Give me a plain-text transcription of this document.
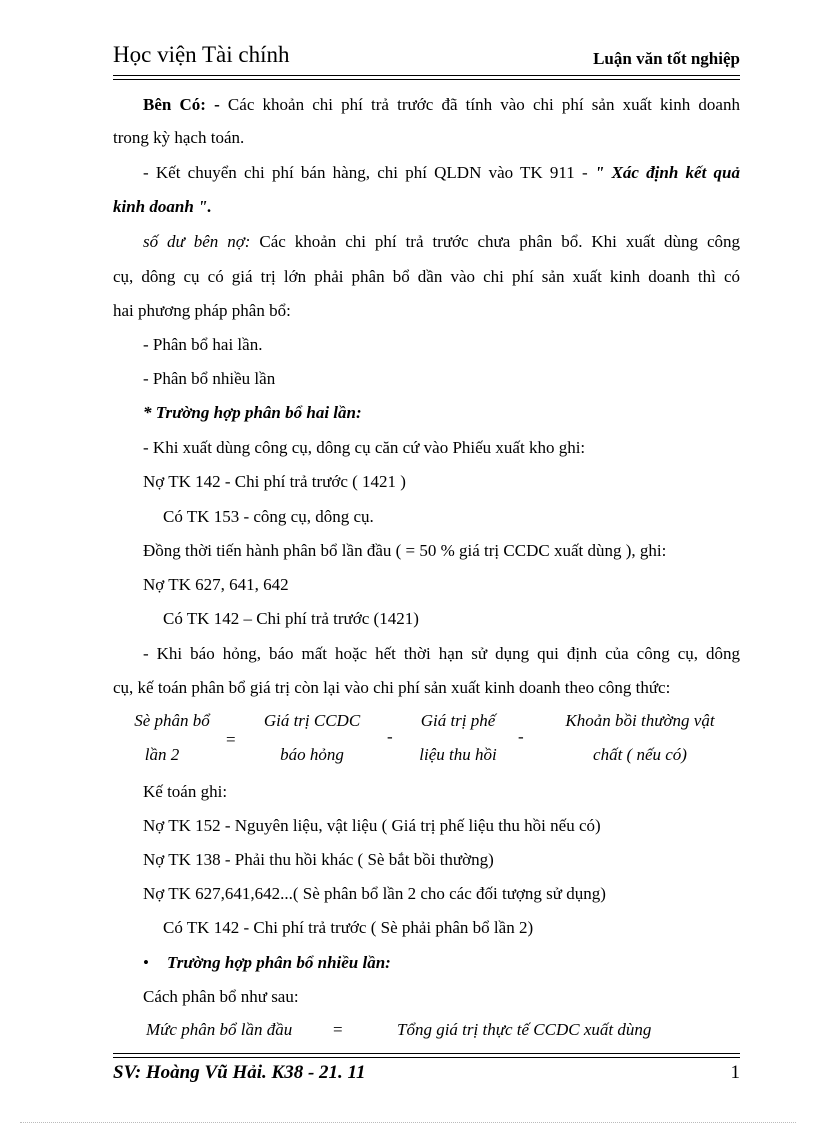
Học viện Tài chính	Luận văn tốt nghiệp
Bên Có: - Các khoản chi phí trả trước đã tính vào chi phí sản xuất kinh doanh
trong kỳ hạch toán.
- Kết chuyển chi phí bán hàng, chi phí QLDN vào TK 911 - " Xác định kết quả
kinh doanh ".
số dư bên nợ: Các khoản chi phí trả trước chưa phân bổ. Khi xuất dùng công
cụ, dông cụ có giá trị lớn phải phân bổ dần vào chi phí sản xuất kinh doanh thì có
hai phương pháp phân bổ:
- Phân bổ hai lần.
- Phân bổ nhiều lần
* Trường hợp phân bổ hai lần:
- Khi xuất dùng công cụ, dông cụ căn cứ vào Phiếu xuất kho ghi:
Nợ TK 142 - Chi phí trả trước ( 1421 )
Có TK 153 - công cụ, dông cụ.
Đồng thời tiến hành phân bổ lần đầu ( = 50 % giá trị CCDC xuất dùng ), ghi:
Nợ TK 627, 641, 642
Có TK 142 – Chi phí trả trước (1421)
- Khi báo hỏng, báo mất hoặc hết thời hạn sử dụng qui định của công cụ, dông
cụ, kế toán phân bổ giá trị còn lại vào chi phí sản xuất kinh doanh theo công thức:
Sè phân bổ
lần 2
=
Giá trị CCDC
báo hỏng
-
Giá trị phế
liệu thu hồi
-
Khoản bồi thường vật
chất ( nếu có)
Kế toán ghi:
Nợ TK 152 - Nguyên liệu, vật liệu ( Giá trị phế liệu thu hồi nếu có)
Nợ TK 138 - Phải thu hồi khác ( Sè bắt bồi thường)
Nợ TK 627,641,642...( Sè phân bổ lần 2 cho các đối tượng sử dụng)
Có TK 142 - Chi phí trả trước ( Sè phải phân bổ lần 2)
• Trường hợp phân bổ nhiều lần:
Cách phân bổ như sau:
Mức phân bổ lần đầu =	Tổng giá trị thực tế CCDC xuất dùng
SV: Hoàng Vũ Hải. K38 - 21. 11	1
